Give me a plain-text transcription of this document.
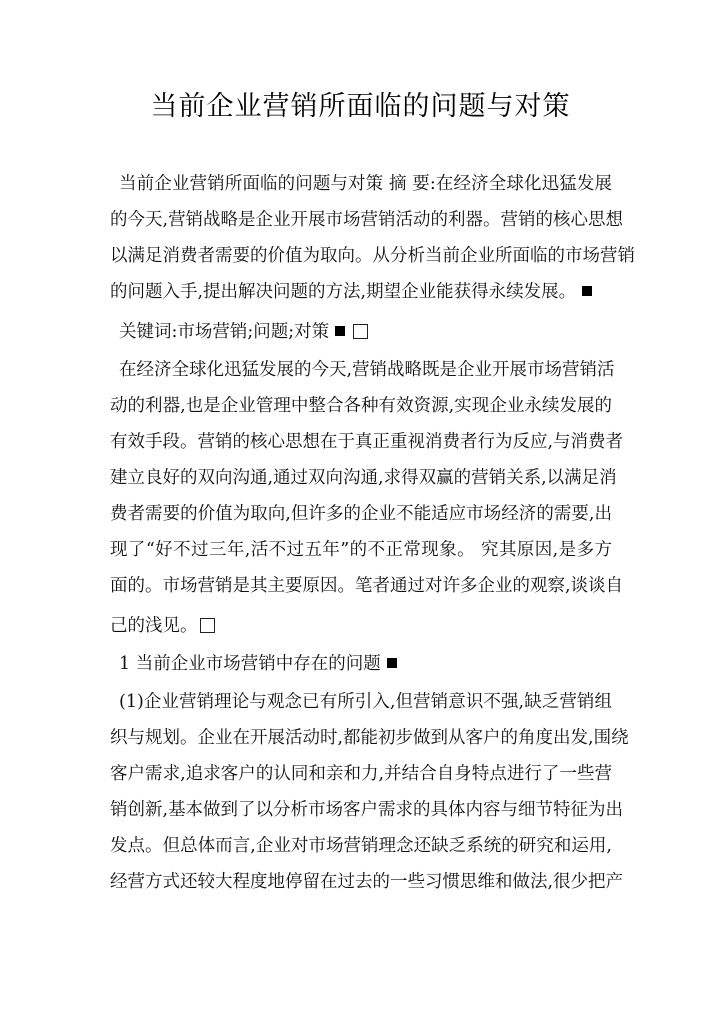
当前企业营销所面临的问题与对策
当前企业营销所面临的问题与对策 摘 要:在经济全球化迅猛发展
的今天,营销战略是企业开展市场营销活动的利器。营销的核心思想
以满足消费者需要的价值为取向。从分析当前企业所面临的市场营销
的问题入手,提出解决问题的方法,期望企业能获得永续发展。
关键词:市场营销;问题;对策
在经济全球化迅猛发展的今天,营销战略既是企业开展市场营销活
动的利器,也是企业管理中整合各种有效资源,实现企业永续发展的
有效手段。营销的核心思想在于真正重视消费者行为反应,与消费者
建立良好的双向沟通,通过双向沟通,求得双赢的营销关系,以满足消
费者需要的价值为取向,但许多的企业不能适应市场经济的需要,出
现了“好不过三年,活不过五年”的不正常现象。 究其原因,是多方
面的。市场营销是其主要原因。笔者通过对许多企业的观察,谈谈自
己的浅见。
1 当前企业市场营销中存在的问题
(1)企业营销理论与观念已有所引入,但营销意识不强,缺乏营销组
织与规划。企业在开展活动时,都能初步做到从客户的角度出发,围绕
客户需求,追求客户的认同和亲和力,并结合自身特点进行了一些营
销创新,基本做到了以分析市场客户需求的具体内容与细节特征为出
发点。但总体而言,企业对市场营销理念还缺乏系统的研究和运用,
经营方式还较大程度地停留在过去的一些习惯思维和做法,很少把产
